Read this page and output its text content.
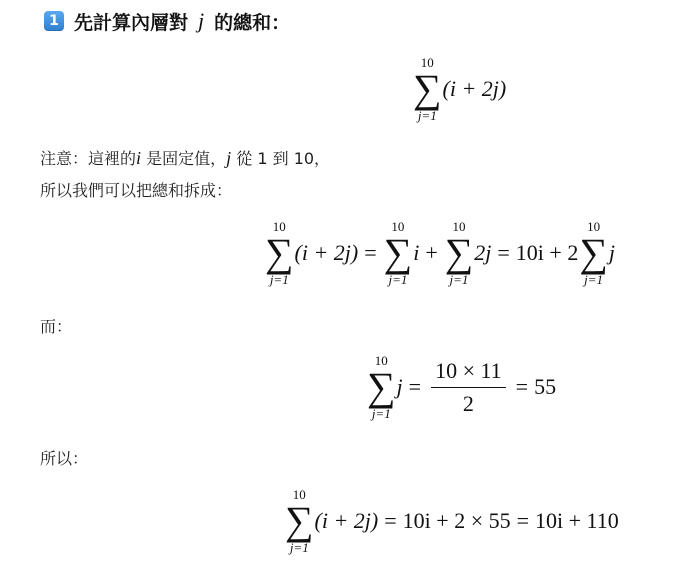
1 先計算內層對 j 的總和：
10
∑
j=1
(i + 2j)
注意：這裡的i 是固定值，j 從 1 到 10，
所以我們可以把總和拆成：
10
∑
j=1
(i + 2j) =
10
∑
j=1
i +
10
∑
j=1
2j = 10i + 2
10
∑
j=1
j
而：
10
∑
j=1
$j = \frac{10 \times 11}{2} = 55$
所以：
10
∑
j=1
(i + 2j) = 10i + 2 × 55 = 10i + 110
